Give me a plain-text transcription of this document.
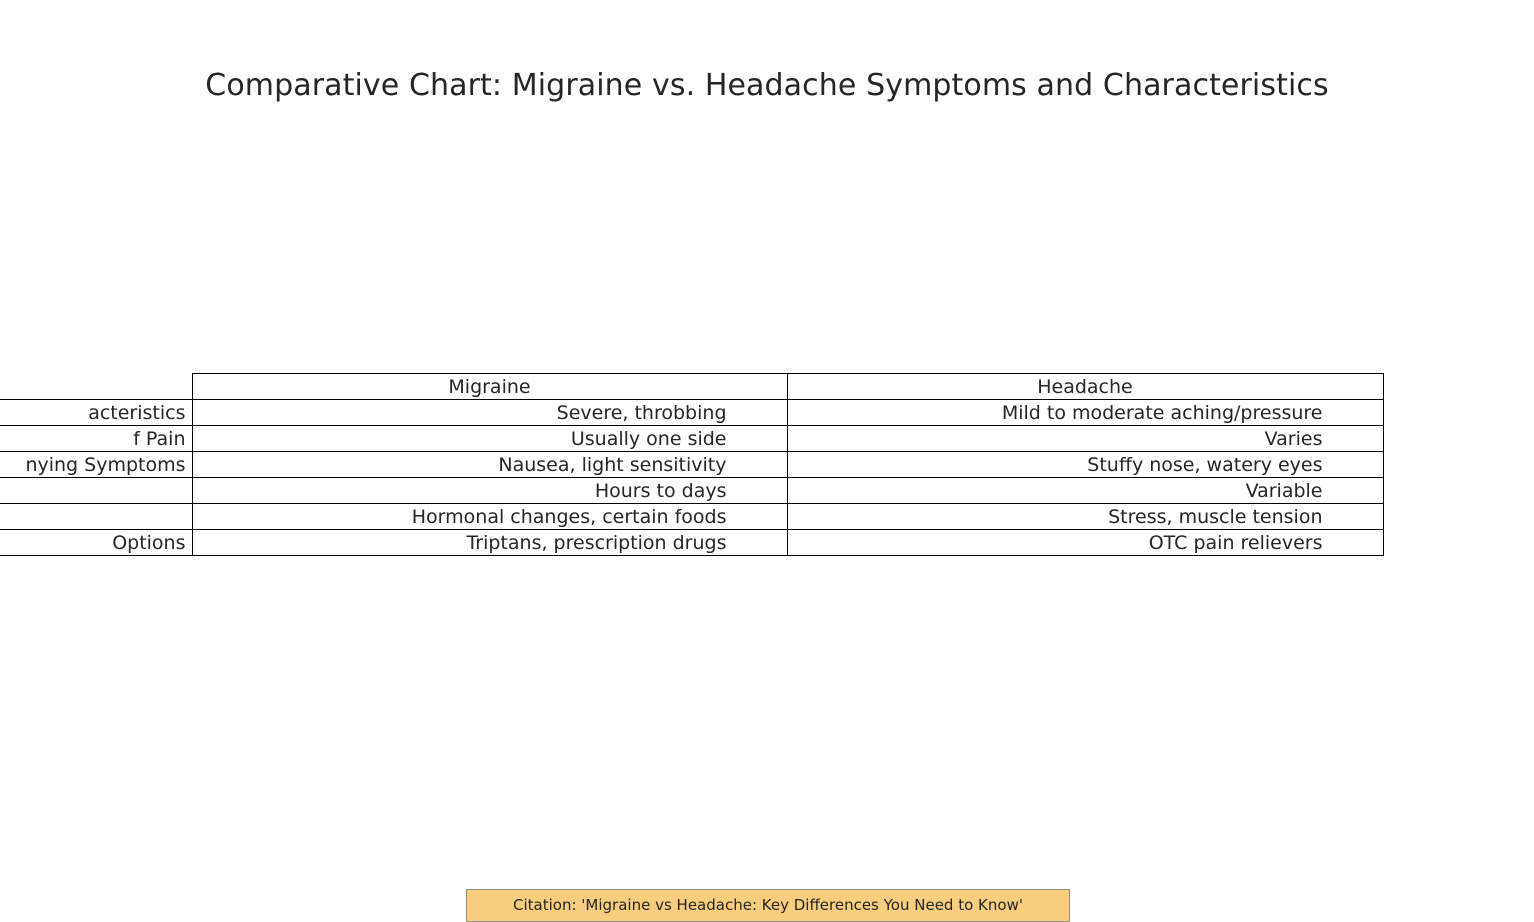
Comparative Chart: Migraine vs. Headache Symptoms and Characteristics
	Migraine	Headache
acteristics	Severe, throbbing	Mild to moderate aching/pressure
f Pain	Usually one side	Varies
nying Symptoms	Nausea, light sensitivity	Stuffy nose, watery eyes
	Hours to days	Variable
	Hormonal changes, certain foods	Stress, muscle tension
Options	Triptans, prescription drugs	OTC pain relievers
Citation: 'Migraine vs Headache: Key Differences You Need to Know'
